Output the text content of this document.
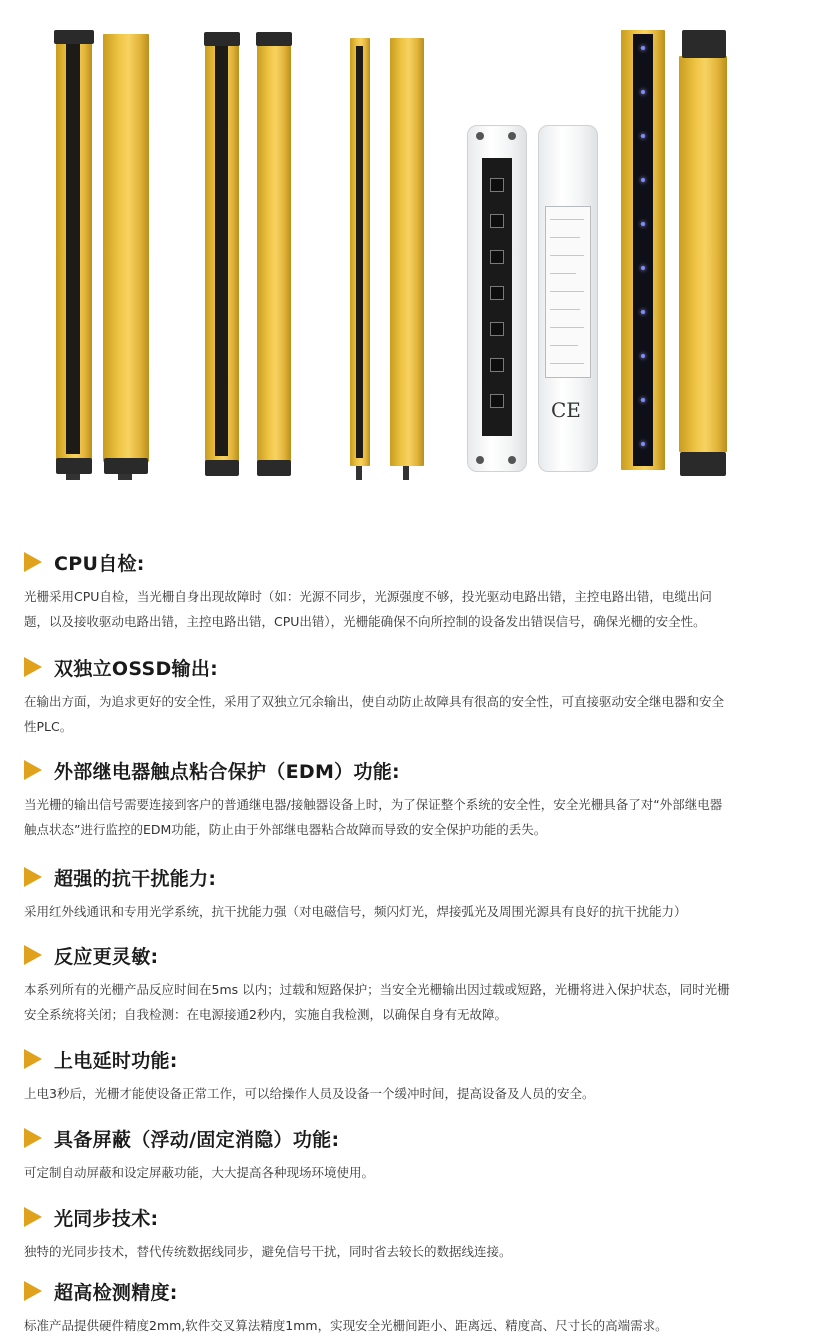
CE
CPU自检:
光栅采用CPU自检，当光栅自身出现故障时（如：光源不同步，光源强度不够，投光驱动电路出错，主控电路出错，电缆出问
题，以及接收驱动电路出错，主控电路出错，CPU出错），光栅能确保不向所控制的设备发出错误信号，确保光栅的安全性。
双独立OSSD输出:
在输出方面，为追求更好的安全性，采用了双独立冗余输出，使自动防止故障具有很高的安全性，可直接驱动安全继电器和安全
性PLC。
外部继电器触点粘合保护（EDM）功能:
当光栅的输出信号需要连接到客户的普通继电器/接触器设备上时，为了保证整个系统的安全性，安全光栅具备了对“外部继电器
触点状态”进行监控的EDM功能，防止由于外部继电器粘合故障而导致的安全保护功能的丢失。
超强的抗干扰能力:
采用红外线通讯和专用光学系统，抗干扰能力强（对电磁信号，频闪灯光，焊接弧光及周围光源具有良好的抗干扰能力）
反应更灵敏:
本系列所有的光栅产品反应时间在5ms 以内；过载和短路保护；当安全光栅输出因过载或短路，光栅将进入保护状态，同时光栅
安全系统将关闭；自我检测：在电源接通2秒内，实施自我检测，以确保自身有无故障。
上电延时功能:
上电3秒后，光栅才能使设备正常工作，可以给操作人员及设备一个缓冲时间，提高设备及人员的安全。
具备屏蔽（浮动/固定消隐）功能:
可定制自动屏蔽和设定屏蔽功能，大大提高各种现场环境使用。
光同步技术:
独特的光同步技术，替代传统数据线同步，避免信号干扰，同时省去较长的数据线连接。
超高检测精度:
标准产品提供硬件精度2mm,软件交叉算法精度1mm，实现安全光栅间距小、距离远、精度高、尺寸长的高端需求。
